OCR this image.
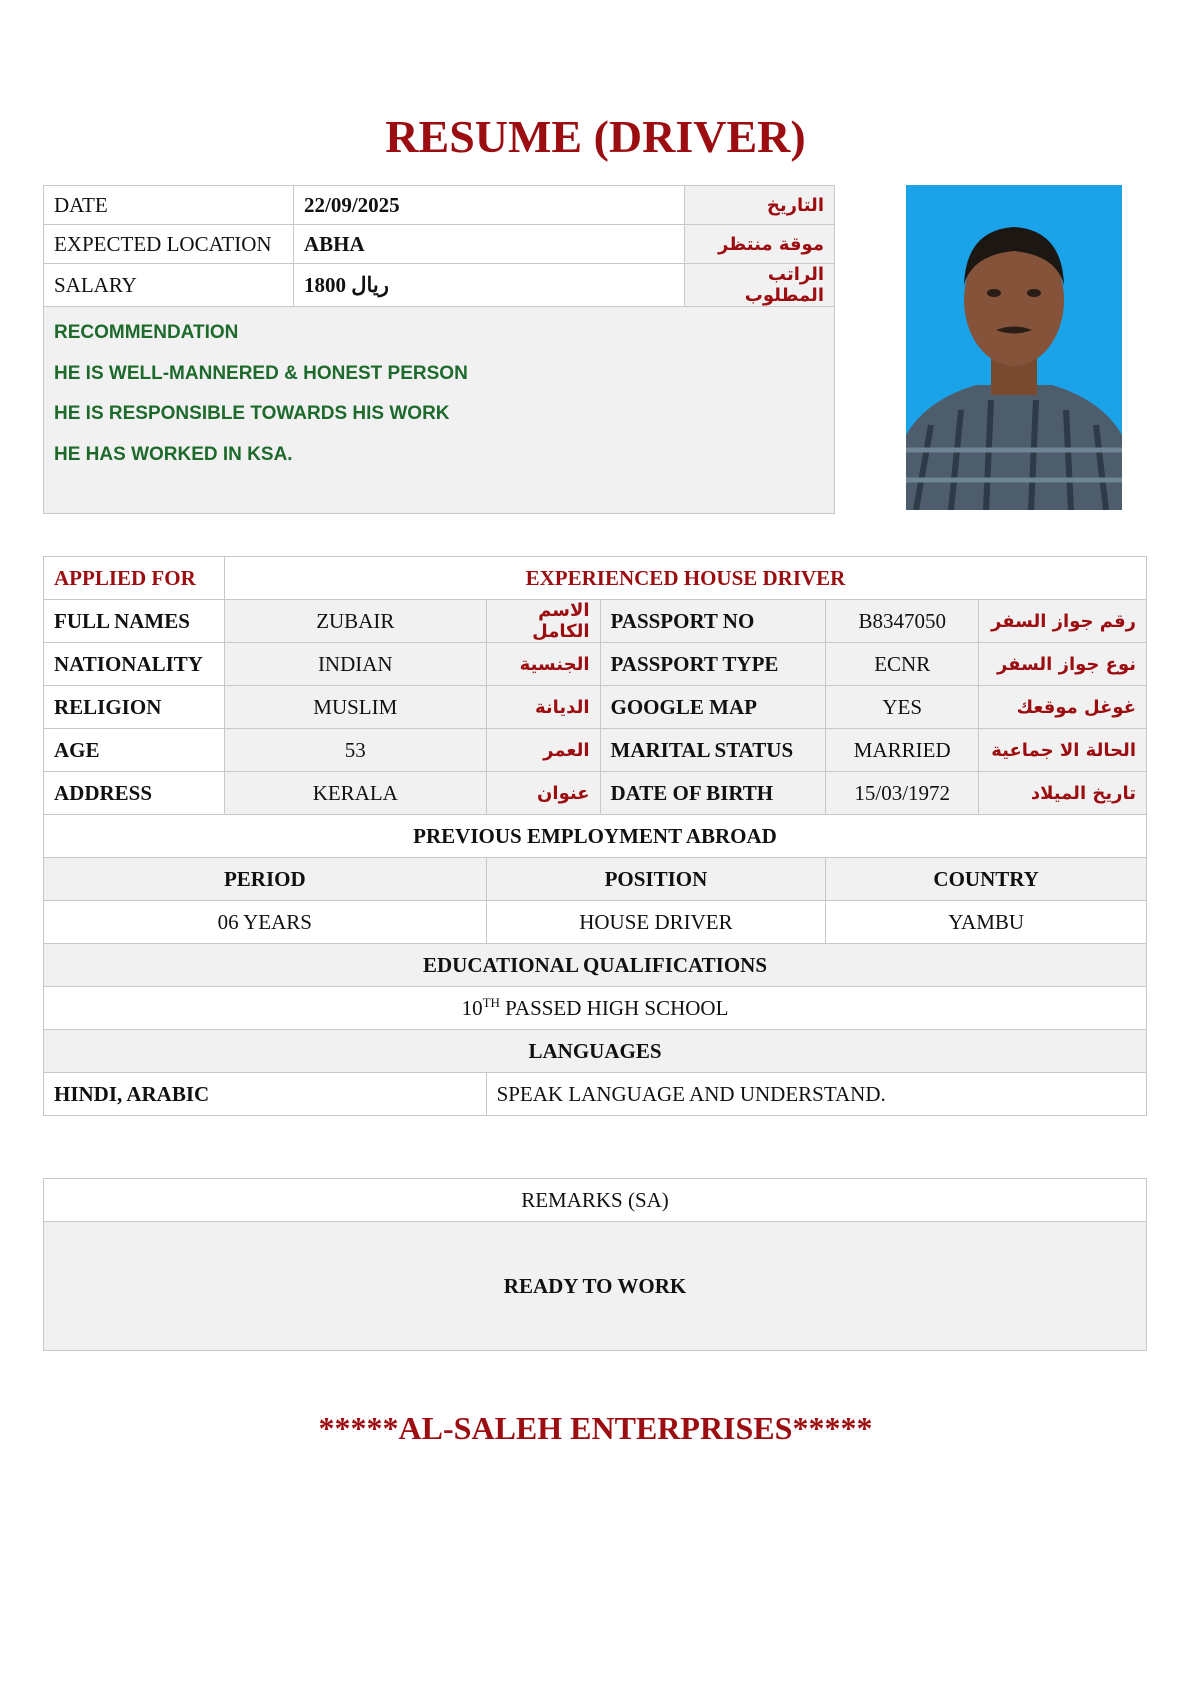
RESUME (DRIVER)
DATE	22/09/2025	التاريخ
EXPECTED LOCATION	ABHA	موقة منتظر
SALARY	1800 ريال	الراتب المطلوب

RECOMMENDATION
HE IS WELL-MANNERED & HONEST PERSON
HE IS RESPONSIBLE TOWARDS HIS WORK
HE HAS WORKED IN KSA.		
APPLIED FOR	EXPERIENCED HOUSE DRIVER				
FULL NAMES	ZUBAIR	الاسم الكامل	PASSPORT NO	B8347050	رقم جواز السفر
NATIONALITY	INDIAN	الجنسية	PASSPORT TYPE	ECNR	نوع جواز السفر
RELIGION	MUSLIM	الديانة	GOOGLE MAP	YES	غوغل موقعك
AGE	53	العمر	MARITAL STATUS	MARRIED	الحالة الا جماعية
ADDRESS	KERALA	عنوان	DATE OF BIRTH	15/03/1972	تاريخ الميلاد
PREVIOUS EMPLOYMENT ABROAD					
PERIOD		POSITION		COUNTRY	
06 YEARS		HOUSE DRIVER		YAMBU	
EDUCATIONAL QUALIFICATIONS					
10TH PASSED HIGH SCHOOL					
LANGUAGES					
HINDI, ARABIC		SPEAK LANGUAGE AND UNDERSTAND.			
REMARKS (SA)
READY TO WORK
*****AL-SALEH ENTERPRISES*****
